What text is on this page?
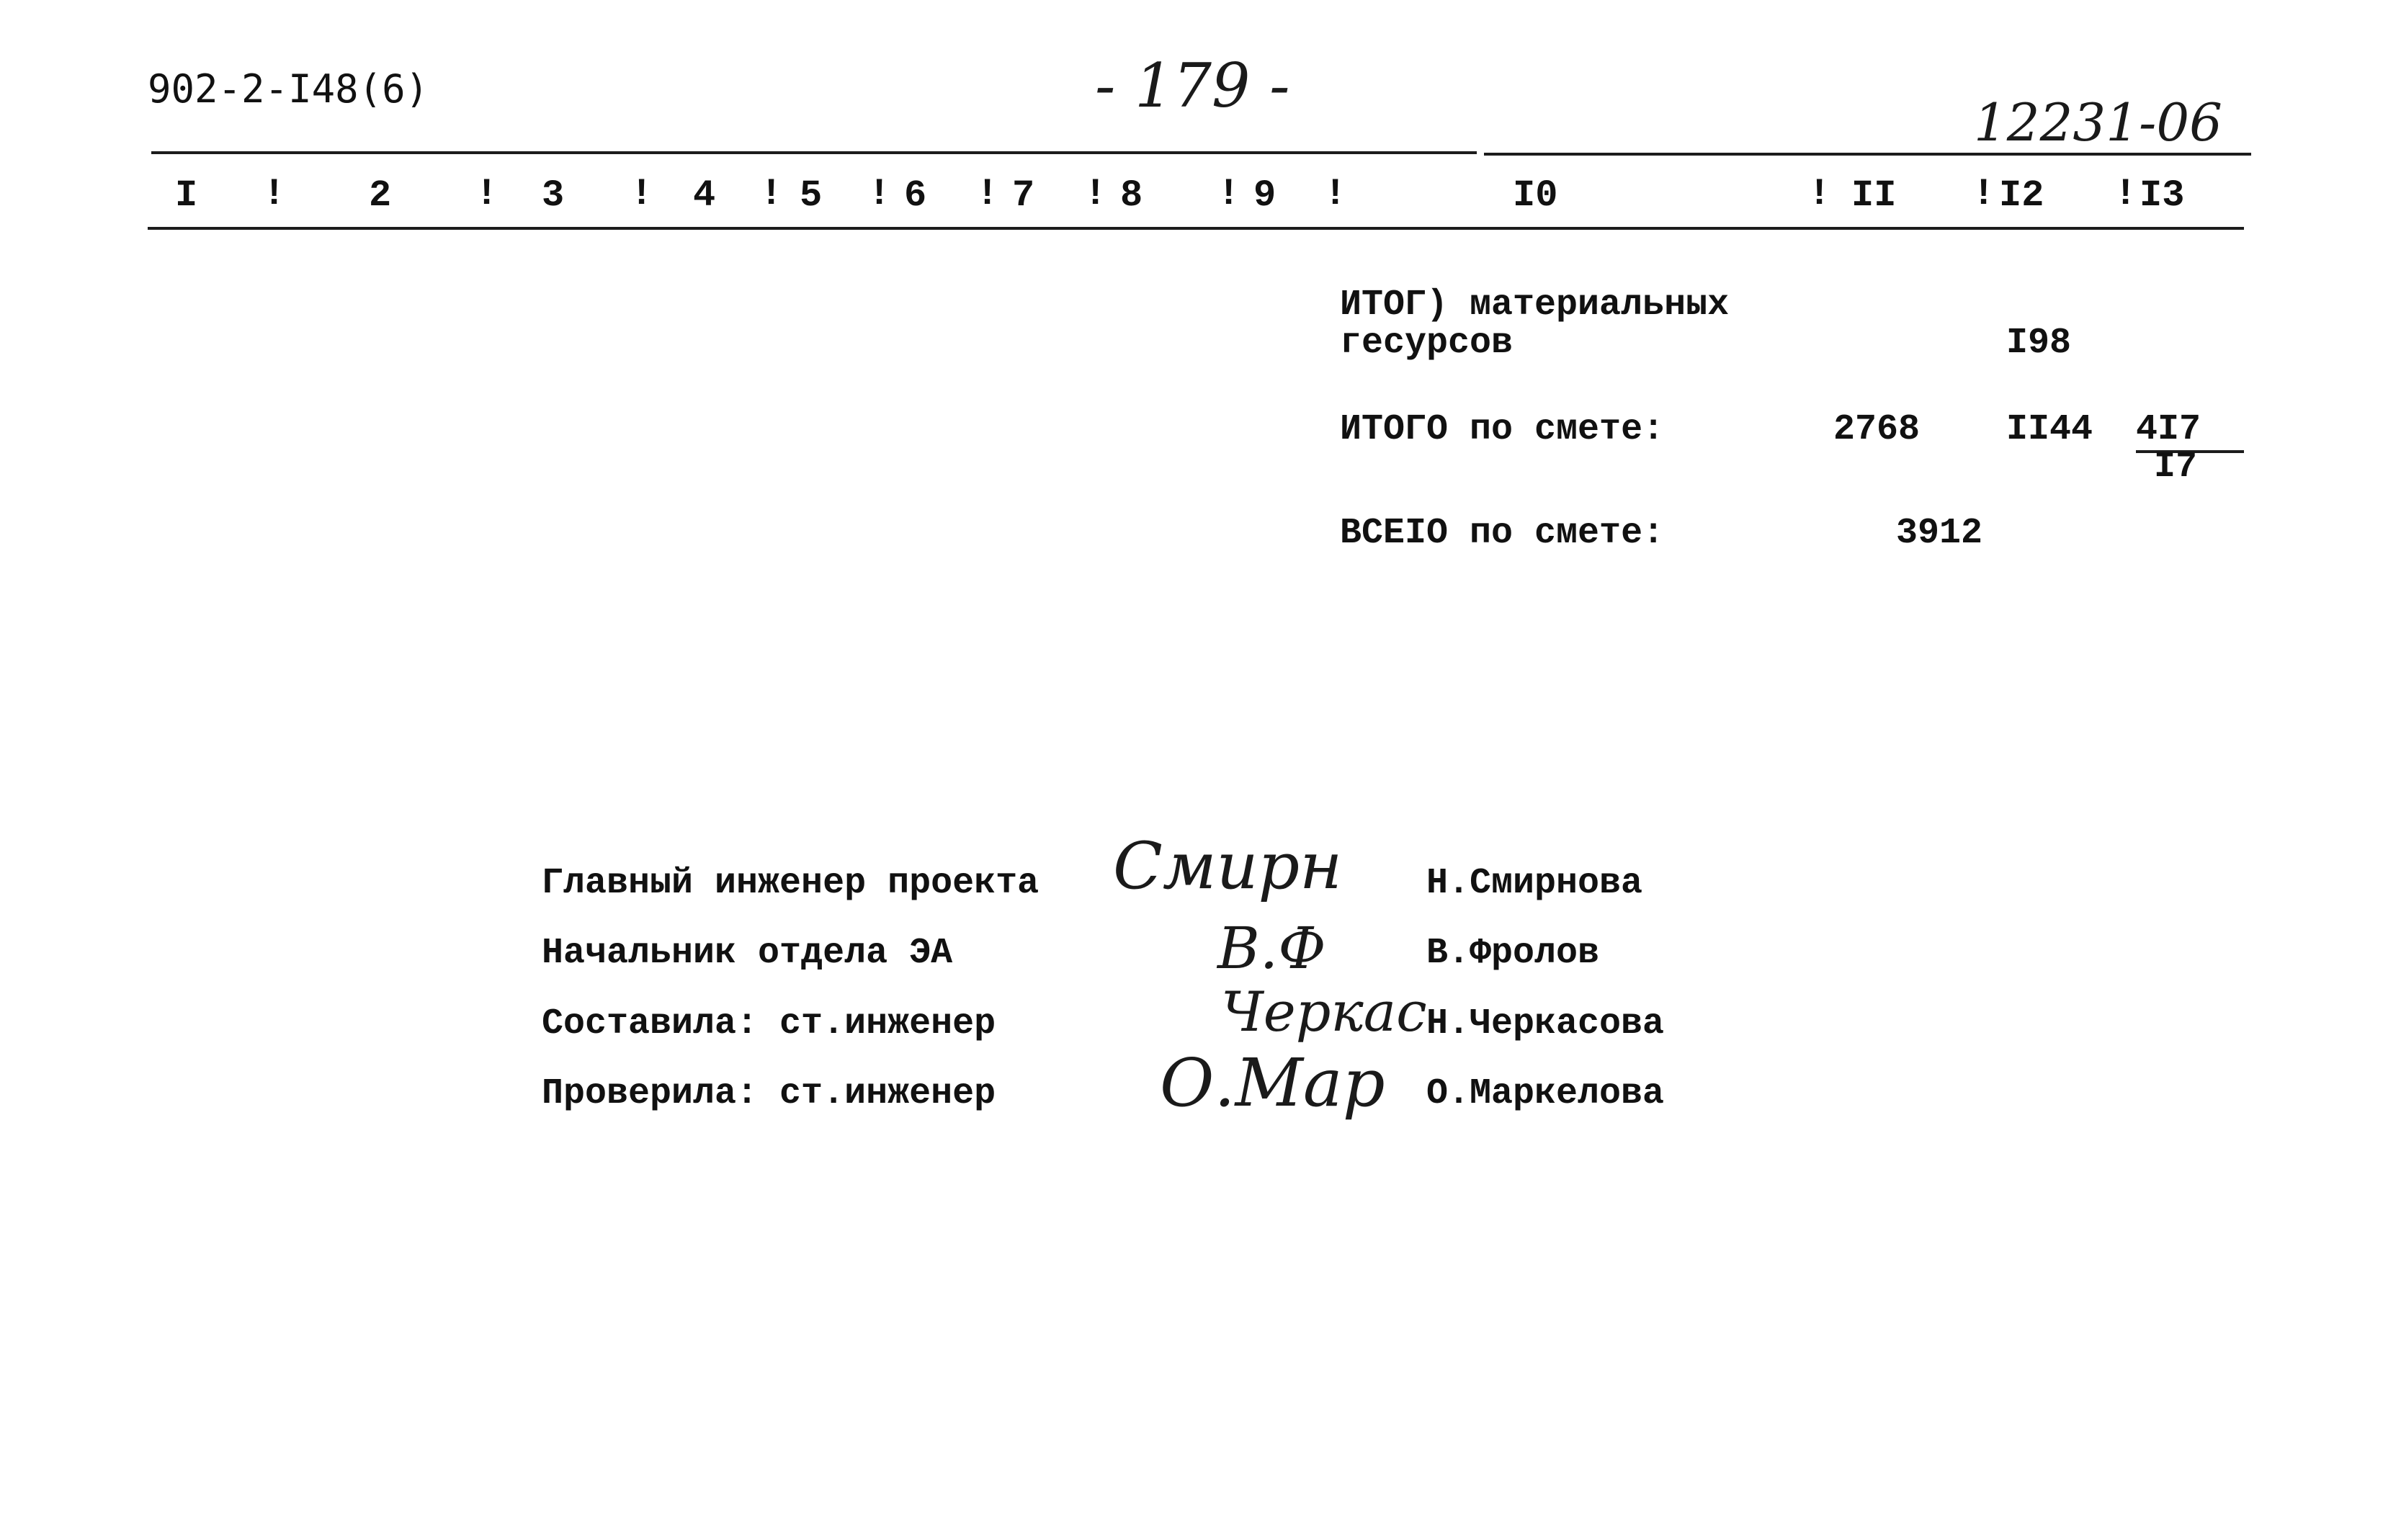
902-2-I48(6)	- 179 -
12231-06
I ! 2 ! 3 ! 4 ! 5 ! 6 ! 7 ! 8 ! 9 !	I0	! II ! I2 ! I3
ИТОГ) материальных
гесурсов	I98
ИТОГО по смете:	2768 II44 4I7
I7
ВСЕIО по смете:	3912
Главный инженер проекта Смирн Н.Смирнова
Начальник отдела ЭА	В.Ф	В.Фролов
Составила: ст.инженер	Черкас Н.Черкасова
Проверила: ст.инженер О.Мар О.Маркелова
